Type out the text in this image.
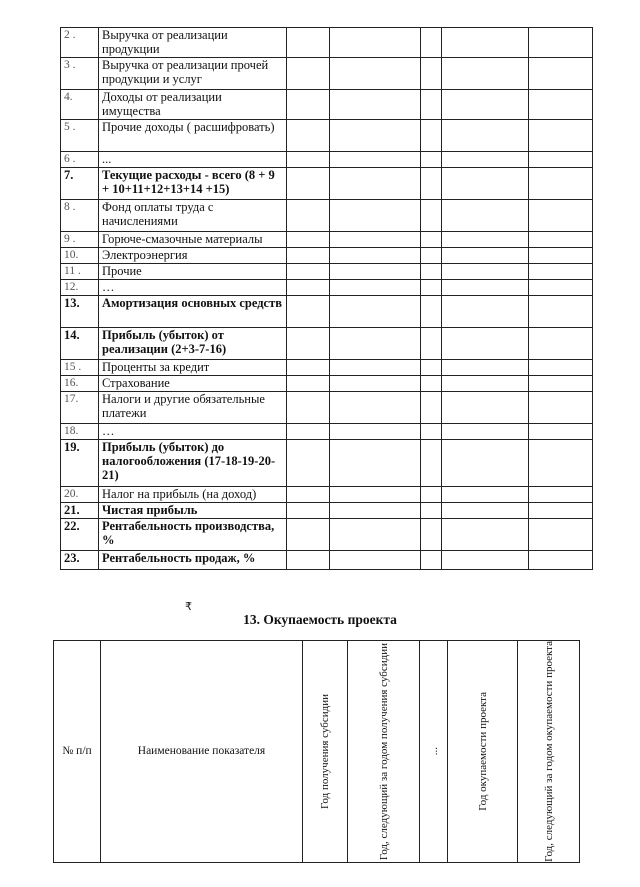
2 .	Выручка от реализации продукции					
3 .	Выручка от реализации прочей продукции и услуг					
4.	Доходы от реализации имущества					
5 .	Прочие доходы ( расшифровать)					
6 .	...					
7.	Текущие расходы - всего (8 + 9 + 10+11+12+13+14 +15)					
8 .	Фонд оплаты труда с начислениями					
9 .	Горюче-смазочные материалы					
10.	Электроэнергия					
11 .	Прочие					
12.	…					
13.	Амортизация основных средств					
14.	Прибыль (убыток) от реализации (2+3-7-16)					
15 .	Проценты за кредит					
16.	Страхование					
17.	Налоги и другие обязательные платежи					
18.	…					
19.	Прибыль (убыток) до налогообложения (17-18-19-20-21)					
20.	Налог на прибыль (на доход)					
21.	Чистая прибыль					
22.	Рентабельность производства, %					
23.	Рентабельность продаж, %					
₹
13. Окупаемость проекта
№ п/п	Наименование показателя	Год получения субсидии	Год, следующий за годом получения субсидии	...	Год окупаемости проекта	Год, следующий за годом окупаемости проекта
